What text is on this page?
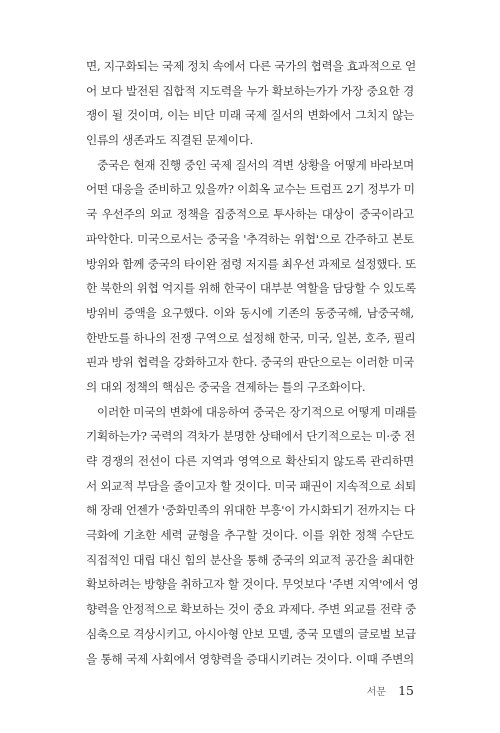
면, 지구화되는 국제 정치 속에서 다른 국가의 협력을 효과적으로 얻
어 보다 발전된 집합적 지도력을 누가 확보하는가가 가장 중요한 경
쟁이 될 것이며, 이는 비단 미래 국제 질서의 변화에서 그치지 않는
인류의 생존과도 직결된 문제이다.

중국은 현재 진행 중인 국제 질서의 격변 상황을 어떻게 바라보며
어떤 대응을 준비하고 있을까? 이희옥 교수는 트럼프 2기 정부가 미
국 우선주의 외교 정책을 집중적으로 투사하는 대상이 중국이라고
파악한다. 미국으로서는 중국을 '추격하는 위협'으로 간주하고 본토
방위와 함께 중국의 타이완 점령 저지를 최우선 과제로 설정했다. 또
한 북한의 위협 억지를 위해 한국이 대부분 역할을 담당할 수 있도록
방위비 증액을 요구했다. 이와 동시에 기존의 동중국해, 남중국해,
한반도를 하나의 전쟁 구역으로 설정해 한국, 미국, 일본, 호주, 필리
핀과 방위 협력을 강화하고자 한다. 중국의 판단으로는 이러한 미국
의 대외 정책의 핵심은 중국을 견제하는 틀의 구조화이다.

이러한 미국의 변화에 대응하여 중국은 장기적으로 어떻게 미래를
기획하는가? 국력의 격차가 분명한 상태에서 단기적으로는 미·중 전
략 경쟁의 전선이 다른 지역과 영역으로 확산되지 않도록 관리하면
서 외교적 부담을 줄이고자 할 것이다. 미국 패권이 지속적으로 쇠퇴
해 장래 언젠가 '중화민족의 위대한 부흥'이 가시화되기 전까지는 다
극화에 기초한 세력 균형을 추구할 것이다. 이를 위한 정책 수단도
직접적인 대립 대신 힘의 분산을 통해 중국의 외교적 공간을 최대한
확보하려는 방향을 취하고자 할 것이다. 무엇보다 '주변 지역'에서 영
향력을 안정적으로 확보하는 것이 중요 과제다. 주변 외교를 전략 중
심축으로 격상시키고, 아시아형 안보 모델, 중국 모델의 글로벌 보급
을 통해 국제 사회에서 영향력을 증대시키려는 것이다. 이때 주변의

서문 15
